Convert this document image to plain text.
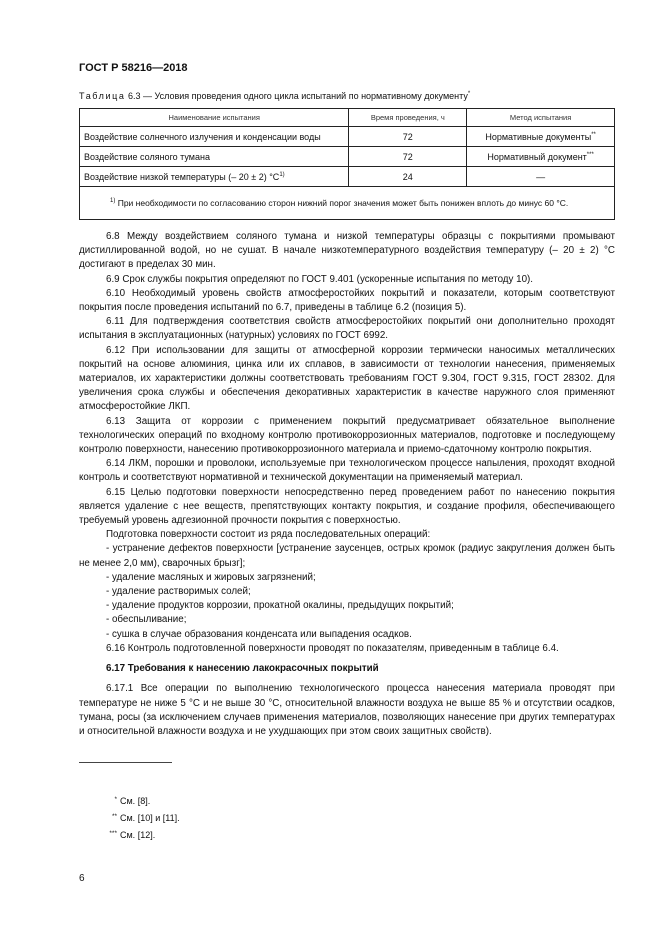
ГОСТ Р 58216—2018
Таблица 6.3 — Условия проведения одного цикла испытаний по нормативному документу*
Наименование испытания	Время проведения, ч	Метод испытания
Воздействие солнечного излучения и конденсации воды	72	Нормативные документы**
Воздействие соляного тумана	72	Нормативный документ***
Воздействие низкой температуры (– 20 ± 2) $^\circ С^{1)}$	24	—
$^{1)}$ При необходимости по согласованию сторон нижний порог значения может быть понижен вплоть до минус 60 °С.		

6.8 Между воздействием соляного тумана и низкой температуры образцы с покрытиями промывают дистиллированной водой, но не сушат. В начале низкотемпературного воздействия температуру (– 20 ± 2) °С достигают в пределах 30 мин.

6.9 Срок службы покрытия определяют по ГОСТ 9.401 (ускоренные испытания по методу 10).

6.10 Необходимый уровень свойств атмосферостойких покрытий и показатели, которым соответствуют покрытия после проведения испытаний по 6.7, приведены в таблице 6.2 (позиция 5).

6.11 Для подтверждения соответствия свойств атмосферостойких покрытий они дополнительно проходят испытания в эксплуатационных (натурных) условиях по ГОСТ 6992.

6.12 При использовании для защиты от атмосферной коррозии термически наносимых металлических покрытий на основе алюминия, цинка или их сплавов, в зависимости от технологии нанесения, применяемых материалов, их характеристики должны соответствовать требованиям ГОСТ 9.304, ГОСТ 9.315, ГОСТ 28302. Для увеличения срока службы и обеспечения декоративных характеристик в качестве наружного слоя применяют атмосферостойкие ЛКП.

6.13 Защита от коррозии с применением покрытий предусматривает обязательное выполнение технологических операций по входному контролю противокоррозионных материалов, подготовке и последующему контролю поверхности, нанесению противокоррозионного материала и приемо-сдаточному контролю покрытия.

6.14 ЛКМ, порошки и проволоки, используемые при технологическом процессе напыления, проходят входной контроль и соответствуют нормативной и технической документации на применяемый материал.

6.15 Целью подготовки поверхности непосредственно перед проведением работ по нанесению покрытия является удаление с нее веществ, препятствующих контакту покрытия, и создание профиля, обеспечивающего требуемый уровень адгезионной прочности покрытия с поверхностью.

Подготовка поверхности состоит из ряда последовательных операций:

- устранение дефектов поверхности [устранение заусенцев, острых кромок (радиус закругления должен быть не менее 2,0 мм), сварочных брызг];

- удаление масляных и жировых загрязнений;

- удаление растворимых солей;

- удаление продуктов коррозии, прокатной окалины, предыдущих покрытий;

- обеспыливание;

- сушка в случае образования конденсата или выпадения осадков.

6.16 Контроль подготовленной поверхности проводят по показателям, приведенным в таблице 6.4.

6.17 Требования к нанесению лакокрасочных покрытий

6.17.1 Все операции по выполнению технологического процесса нанесения материала проводят при температуре не ниже 5 °С и не выше 30 °С, относительной влажности воздуха не выше 85 % и отсутствии осадков, тумана, росы (за исключением случаев применения материалов, позволяющих нанесение при других температурах и относительной влажности воздуха и не ухудшающих при этом своих защитных свойств).

* См. [8].
** См. [10] и [11].
*** См. [12].
6
